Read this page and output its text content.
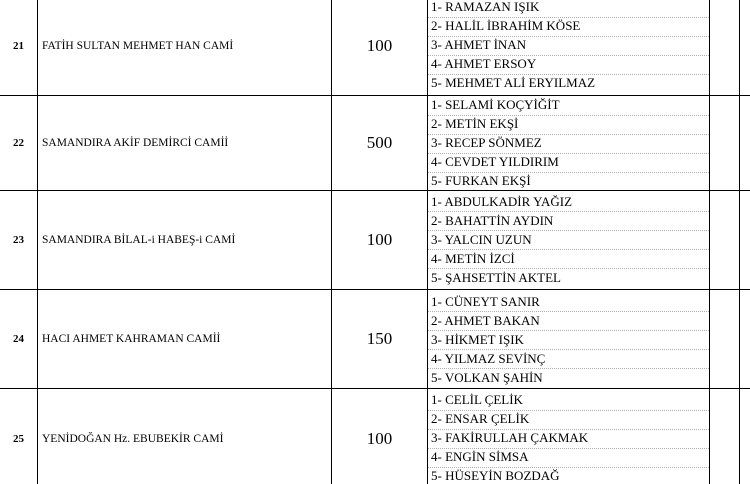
21	FATİH SULTAN MEHMET HAN CAMİ	100
1- RAMAZAN IŞIK
2- HALİL İBRAHİM KÖSE
3- AHMET İNAN
4- AHMET ERSOY
5- MEHMET ALİ ERYILMAZ
22	SAMANDIRA AKİF DEMİRCİ CAMİİ	500
1- SELAMİ KOÇYİĞİT
2- METİN EKŞİ
3- RECEP SÖNMEZ
4- CEVDET YILDIRIM
5- FURKAN EKŞİ
23	SAMANDIRA BİLAL-i HABEŞ-i CAMİ	100
1- ABDULKADİR YAĞIZ
2- BAHATTİN AYDIN
3- YALCIN UZUN
4- METİN İZCİ
5- ŞAHSETTİN AKTEL
24	HACI AHMET KAHRAMAN CAMİİ	150
1- CÜNEYT SANIR
2- AHMET BAKAN
3- HİKMET IŞIK
4- YILMAZ SEVİNÇ
5- VOLKAN ŞAHİN
25	YENİDOĞAN Hz. EBUBEKİR CAMİ	100
1- CELİL ÇELİK
2- ENSAR ÇELİK
3- FAKİRULLAH ÇAKMAK
4- ENGİN SİMSA
5- HÜSEYİN BOZDAĞ
